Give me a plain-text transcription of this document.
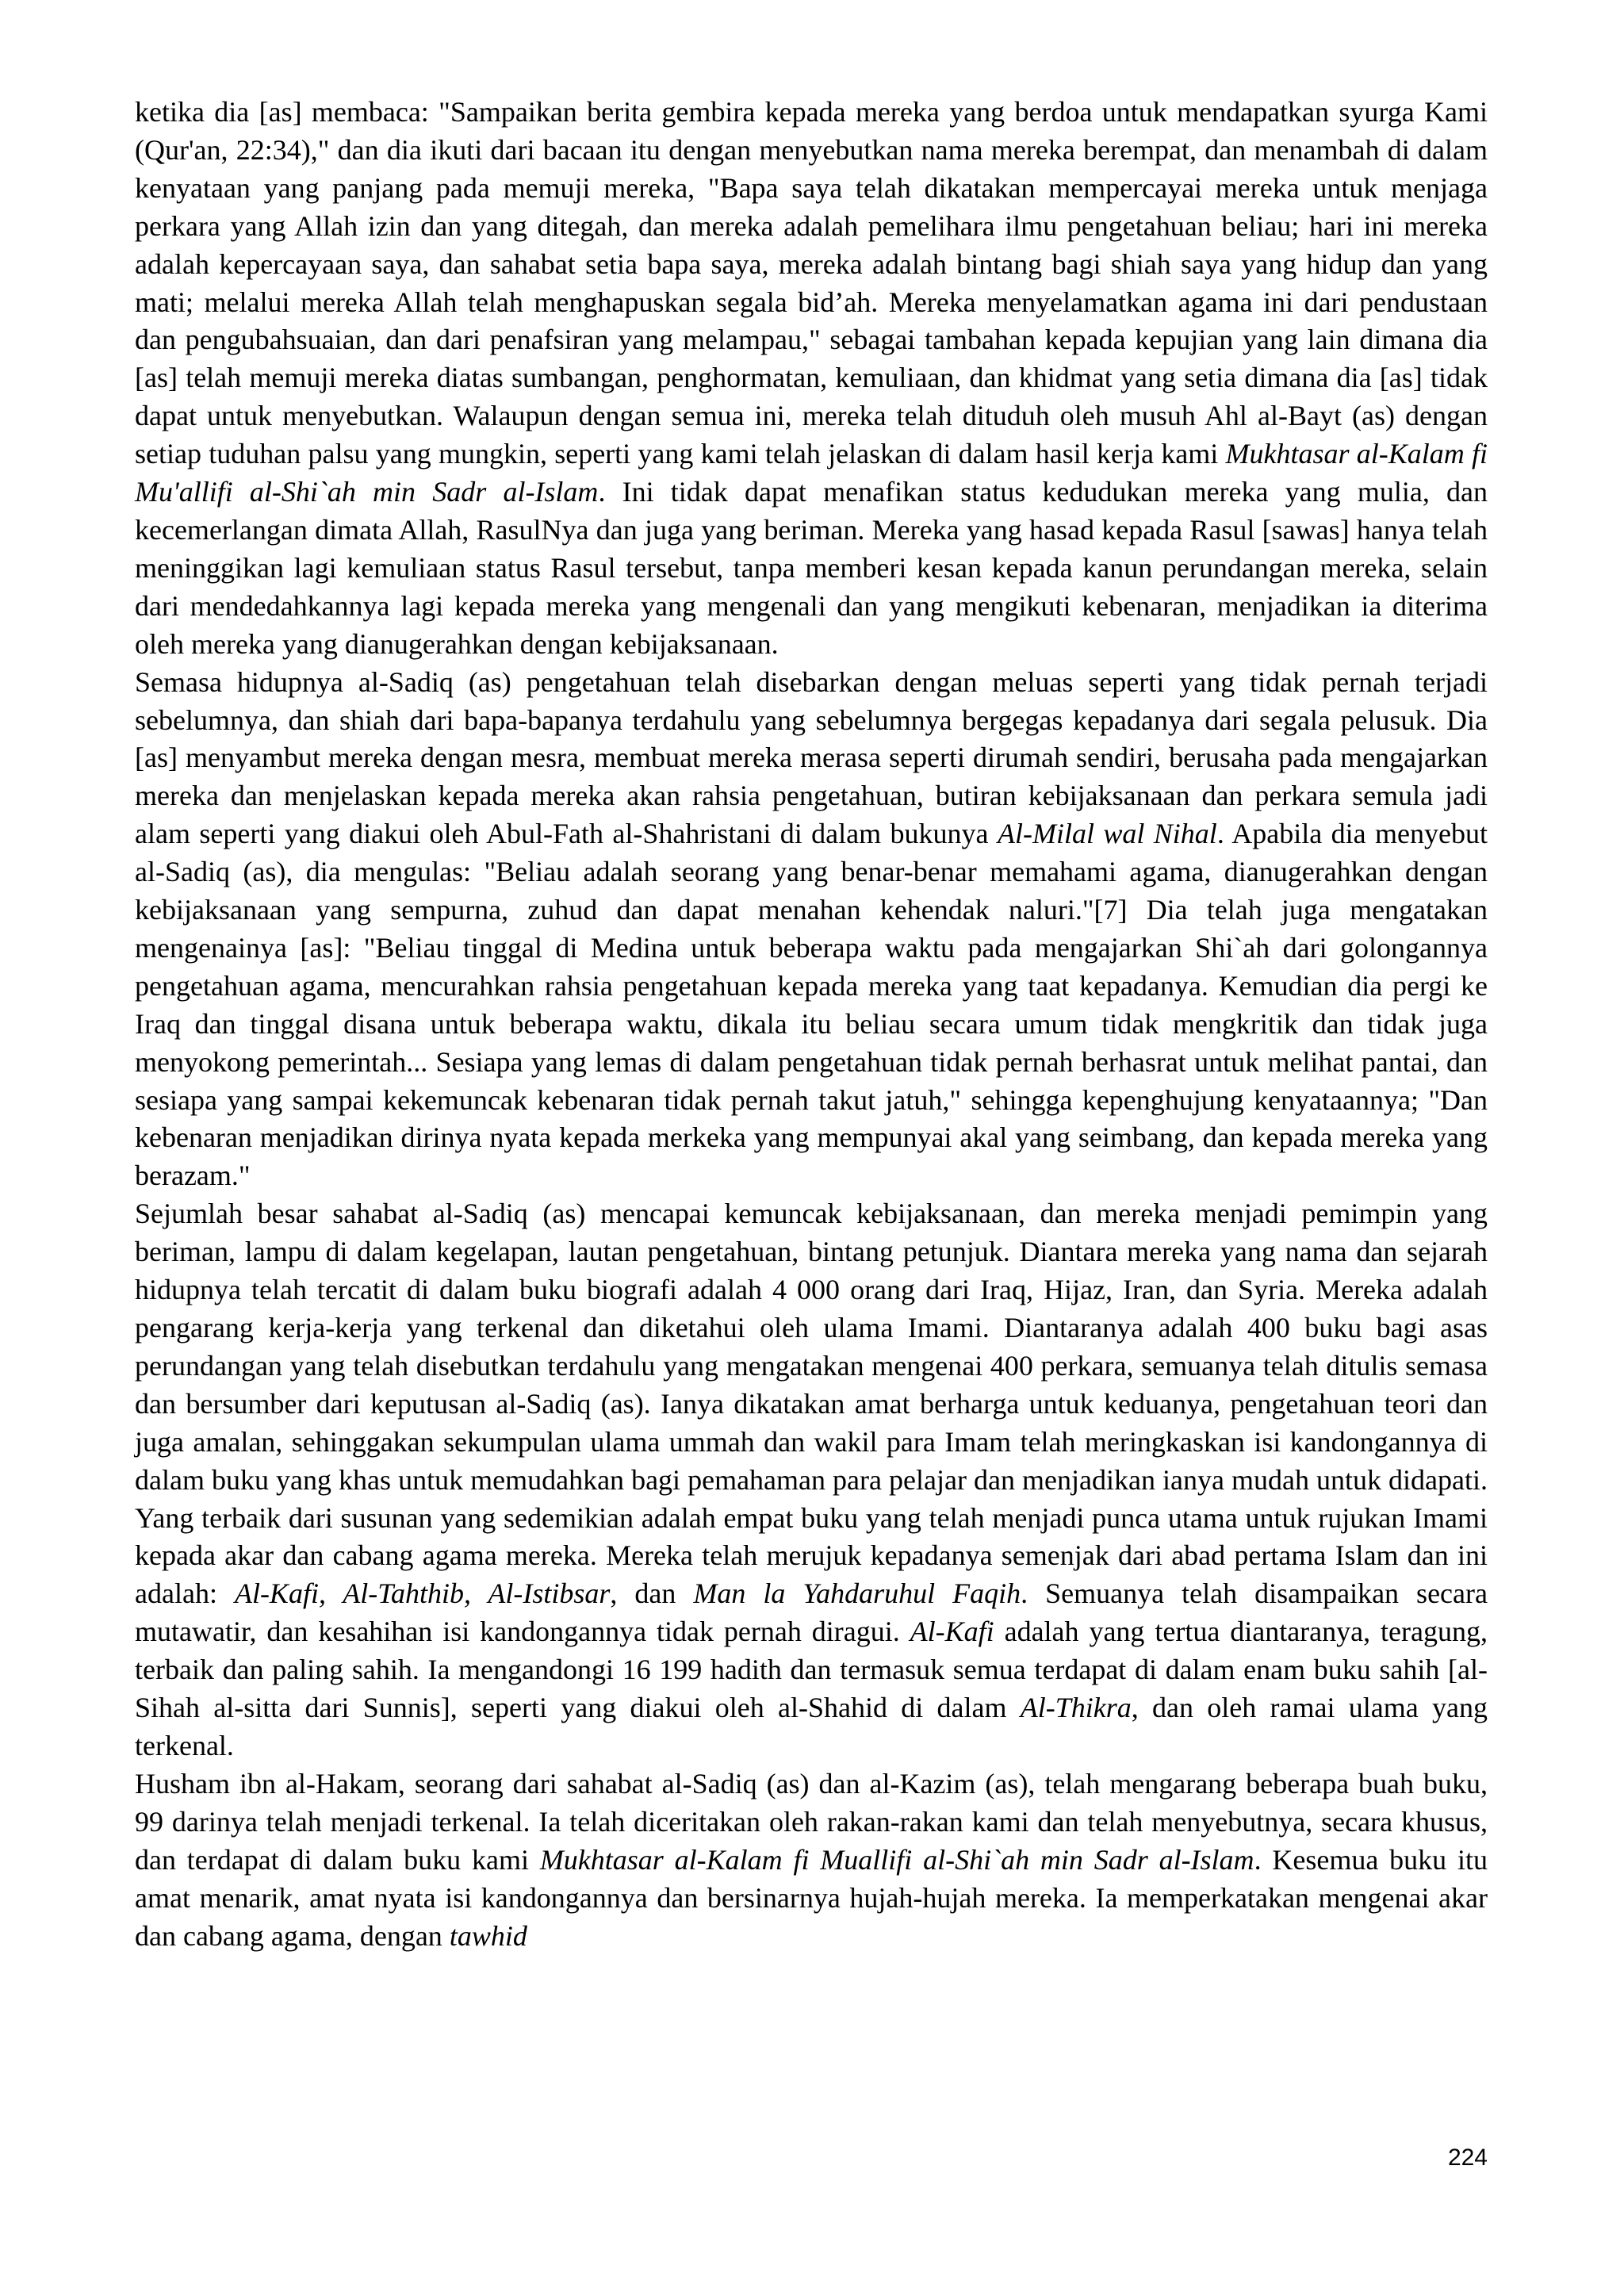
ketika dia [as] membaca: "Sampaikan berita gembira kepada mereka yang berdoa untuk mendapatkan syurga Kami (Qur'an, 22:34)," dan dia ikuti dari bacaan itu dengan menyebutkan nama mereka berempat, dan menambah di dalam kenyataan yang panjang pada memuji mereka, "Bapa saya telah dikatakan mempercayai mereka untuk menjaga perkara yang Allah izin dan yang ditegah, dan mereka adalah pemelihara ilmu pengetahuan beliau; hari ini mereka adalah kepercayaan saya, dan sahabat setia bapa saya, mereka adalah bintang bagi shiah saya yang hidup dan yang mati; melalui mereka Allah telah menghapuskan segala bid’ah. Mereka menyelamatkan agama ini dari pendustaan dan pengubahsuaian, dan dari penafsiran yang melampau," sebagai tambahan kepada kepujian yang lain dimana dia [as] telah memuji mereka diatas sumbangan, penghormatan, kemuliaan, dan khidmat yang setia dimana dia [as] tidak dapat untuk menyebutkan. Walaupun dengan semua ini, mereka telah dituduh oleh musuh Ahl al-Bayt (as) dengan setiap tuduhan palsu yang mungkin, seperti yang kami telah jelaskan di dalam hasil kerja kami Mukhtasar al-Kalam fi Mu'allifi al-Shi`ah min Sadr al-Islam. Ini tidak dapat menafikan status kedudukan mereka yang mulia, dan kecemerlangan dimata Allah, RasulNya dan juga yang beriman. Mereka yang hasad kepada Rasul [sawas] hanya telah meninggikan lagi kemuliaan status Rasul tersebut, tanpa memberi kesan kepada kanun perundangan mereka, selain dari mendedahkannya lagi kepada mereka yang mengenali dan yang mengikuti kebenaran, menjadikan ia diterima oleh mereka yang dianugerahkan dengan kebijaksanaan.

Semasa hidupnya al-Sadiq (as) pengetahuan telah disebarkan dengan meluas seperti yang tidak pernah terjadi sebelumnya, dan shiah dari bapa-bapanya terdahulu yang sebelumnya bergegas kepadanya dari segala pelusuk. Dia [as] menyambut mereka dengan mesra, membuat mereka merasa seperti dirumah sendiri, berusaha pada mengajarkan mereka dan menjelaskan kepada mereka akan rahsia pengetahuan, butiran kebijaksanaan dan perkara semula jadi alam seperti yang diakui oleh Abul-Fath al-Shahristani di dalam bukunya Al-Milal wal Nihal. Apabila dia menyebut al-Sadiq (as), dia mengulas: "Beliau adalah seorang yang benar-benar memahami agama, dianugerahkan dengan kebijaksanaan yang sempurna, zuhud dan dapat menahan kehendak naluri."[7] Dia telah juga mengatakan mengenainya [as]: "Beliau tinggal di Medina untuk beberapa waktu pada mengajarkan Shi`ah dari golongannya pengetahuan agama, mencurahkan rahsia pengetahuan kepada mereka yang taat kepadanya. Kemudian dia pergi ke Iraq dan tinggal disana untuk beberapa waktu, dikala itu beliau secara umum tidak mengkritik dan tidak juga menyokong pemerintah... Sesiapa yang lemas di dalam pengetahuan tidak pernah berhasrat untuk melihat pantai, dan sesiapa yang sampai kekemuncak kebenaran tidak pernah takut jatuh," sehingga kepenghujung kenyataannya; "Dan kebenaran menjadikan dirinya nyata kepada merkeka yang mempunyai akal yang seimbang, dan kepada mereka yang berazam."

Sejumlah besar sahabat al-Sadiq (as) mencapai kemuncak kebijaksanaan, dan mereka menjadi pemimpin yang beriman, lampu di dalam kegelapan, lautan pengetahuan, bintang petunjuk. Diantara mereka yang nama dan sejarah hidupnya telah tercatit di dalam buku biografi adalah 4 000 orang dari Iraq, Hijaz, Iran, dan Syria. Mereka adalah pengarang kerja-kerja yang terkenal dan diketahui oleh ulama Imami. Diantaranya adalah 400 buku bagi asas perundangan yang telah disebutkan terdahulu yang mengatakan mengenai 400 perkara, semuanya telah ditulis semasa dan bersumber dari keputusan al-Sadiq (as). Ianya dikatakan amat berharga untuk keduanya, pengetahuan teori dan juga amalan, sehinggakan sekumpulan ulama ummah dan wakil para Imam telah meringkaskan isi kandongannya di dalam buku yang khas untuk memudahkan bagi pemahaman para pelajar dan menjadikan ianya mudah untuk didapati. Yang terbaik dari susunan yang sedemikian adalah empat buku yang telah menjadi punca utama untuk rujukan Imami kepada akar dan cabang agama mereka. Mereka telah merujuk kepadanya semenjak dari abad pertama Islam dan ini adalah: Al-Kafi, Al-Tahthib, Al-Istibsar, dan Man la Yahdaruhul Faqih. Semuanya telah disampaikan secara mutawatir, dan kesahihan isi kandongannya tidak pernah diragui. Al-Kafi adalah yang tertua diantaranya, teragung, terbaik dan paling sahih. Ia mengandongi 16 199 hadith dan termasuk semua terdapat di dalam enam buku sahih [al-Sihah al-sitta dari Sunnis], seperti yang diakui oleh al-Shahid di dalam Al-Thikra, dan oleh ramai ulama yang terkenal.

Husham ibn al-Hakam, seorang dari sahabat al-Sadiq (as) dan al-Kazim (as), telah mengarang beberapa buah buku, 99 darinya telah menjadi terkenal. Ia telah diceritakan oleh rakan-rakan kami dan telah menyebutnya, secara khusus, dan terdapat di dalam buku kami Mukhtasar al-Kalam fi Muallifi al-Shi`ah min Sadr al-Islam. Kesemua buku itu amat menarik, amat nyata isi kandongannya dan bersinarnya hujah-hujah mereka. Ia memperkatakan mengenai akar dan cabang agama, dengan tawhid

224
